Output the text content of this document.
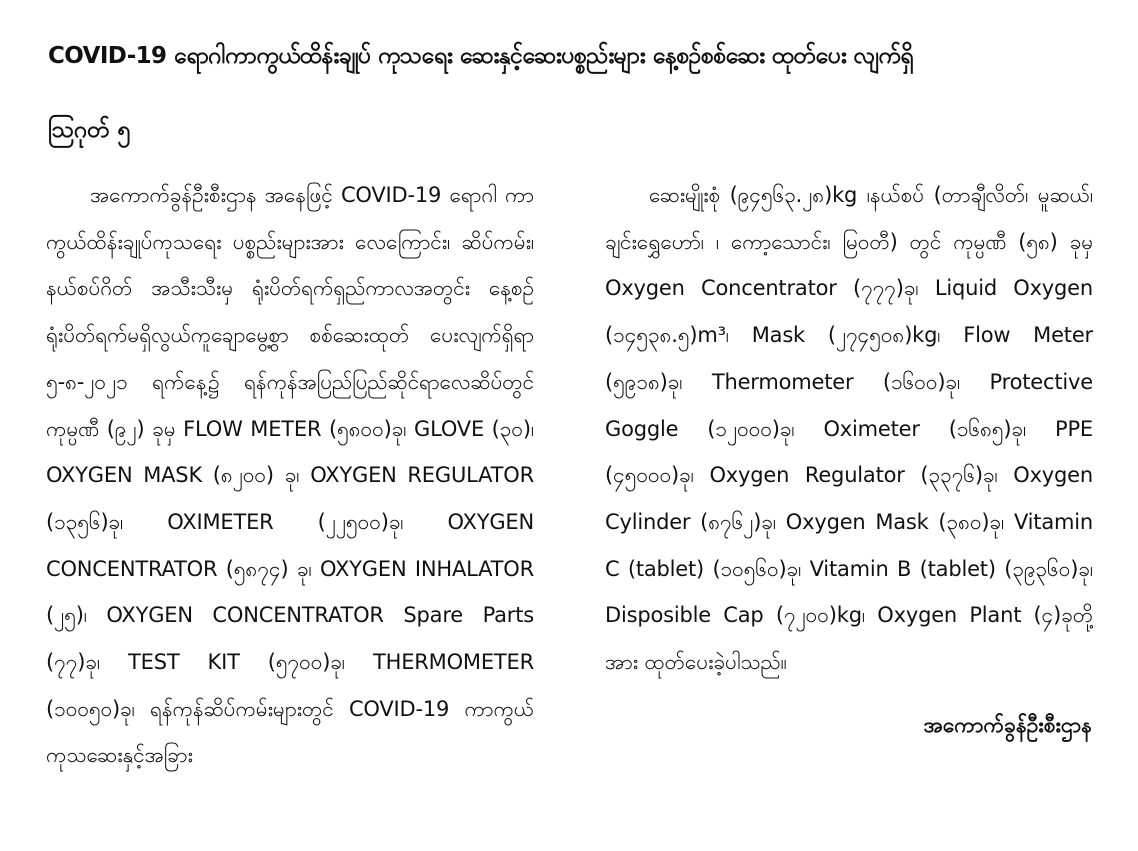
COVID-19 ရောဂါကာကွယ်ထိန်းချုပ် ကုသရေး ဆေးနှင့်ဆေးပစ္စည်းများ နေ့စဉ်စစ်ဆေး ထုတ်ပေး လျက်ရှိ
ဩဂုတ် ၅
အကောက်ခွန်ဦးစီးဌာန အနေဖြင့် COVID-19 ရောဂါ ကာကွယ်ထိန်းချုပ်ကုသရေး ပစ္စည်းများအား လေကြောင်း၊ ဆိပ်ကမ်း၊ နယ်စပ်ဂိတ် အသီးသီးမှ ရုံးပိတ်ရက်ရှည်ကာလအတွင်း နေ့စဉ်ရုံးပိတ်ရက်မရှိလွယ်ကူချောမွေ့စွာ စစ်ဆေးထုတ် ပေးလျက်ရှိရာ ၅-၈-၂၀၂၁ ရက်နေ့၌ ရန်ကုန်အပြည်ပြည်ဆိုင်ရာလေဆိပ်တွင်ကုမ္ပဏီ (၉၂) ခုမှ FLOW METER (၅၈၀၀)ခု၊ GLOVE (၃၀)၊ OXYGEN MASK (၈၂၀၀) ခု၊ OXYGEN REGULATOR (၁၃၅၆)ခု၊ OXIMETER (၂၂၅၀၀)ခု၊ OXYGEN CONCENTRATOR (၅၈၇၄) ခု၊ OXYGEN INHALATOR (၂၅)၊ OXYGEN CONCENTRATOR Spare Parts (၇၇)ခု၊ TEST KIT (၅၇၀၀)ခု၊ THERMOMETER (၁၀၀၅၀)ခု၊ ရန်ကုန်ဆိပ်ကမ်းများတွင် COVID-19 ကာကွယ် ကုသဆေးနှင့်အခြား
ဆေးမျိုးစုံ (၉၄၅၆၃.၂၈)kg ၊နယ်စပ် (တာချီလိတ်၊ မူဆယ်၊ ချင်းရွှေဟော်၊ ၊ ကော့သောင်း၊ မြဝတီ) တွင် ကုမ္ပဏီ (၅၈) ခုမှ Oxygen Concentrator (၇၇၇)ခု၊ Liquid Oxygen (၁၄၅၃၈.၅)m³၊ Mask (၂၇၄၅၀၈)kg၊ Flow Meter (၅၉၁၈)ခု၊ Thermometer (၁၆၀၀)ခု၊ Protective Goggle (၁၂၀၀၀)ခု၊ Oximeter (၁၆၈၅)ခု၊ PPE (၄၅၀၀၀)ခု၊ Oxygen Regulator (၃၃၇၆)ခု၊ Oxygen Cylinder (၈၇၆၂)ခု၊ Oxygen Mask (၃၈၀)ခု၊ Vitamin C (tablet) (၁၀၅၆၀)ခု၊ Vitamin B (tablet) (၃၉၃၆၀)ခု၊ Disposible Cap (၇၂၀၀)kg၊ Oxygen Plant (၄)ခုတို့အား ထုတ်ပေးခဲ့ပါသည်။
အကောက်ခွန်ဦးစီးဌာန
